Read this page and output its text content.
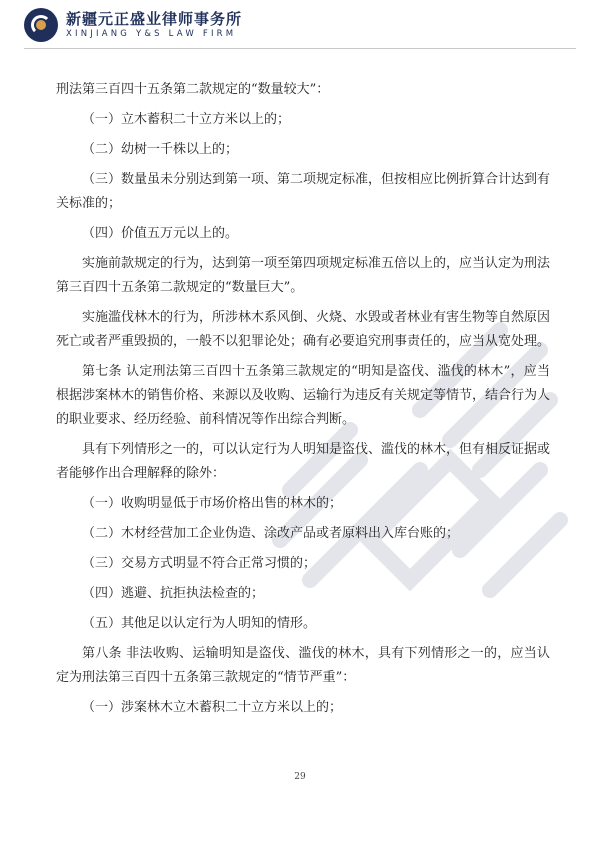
新疆元正盛业律师事务所
XINJIANG Y&S LAW FIRM

刑法第三百四十五条第二款规定的“数量较大”：

（一）立木蓄积二十立方米以上的；

（二）幼树一千株以上的；

（三）数量虽未分别达到第一项、第二项规定标准，但按相应比例折算合计达到有关标准的；

（四）价值五万元以上的。

实施前款规定的行为，达到第一项至第四项规定标准五倍以上的，应当认定为刑法第三百四十五条第二款规定的“数量巨大”。

实施滥伐林木的行为，所涉林木系风倒、火烧、水毁或者林业有害生物等自然原因死亡或者严重毁损的，一般不以犯罪论处；确有必要追究刑事责任的，应当从宽处理。

第七条 认定刑法第三百四十五条第三款规定的“明知是盗伐、滥伐的林木”，应当根据涉案林木的销售价格、来源以及收购、运输行为违反有关规定等情节，结合行为人的职业要求、经历经验、前科情况等作出综合判断。

具有下列情形之一的，可以认定行为人明知是盗伐、滥伐的林木，但有相反证据或者能够作出合理解释的除外：

（一）收购明显低于市场价格出售的林木的；

（二）木材经营加工企业伪造、涂改产品或者原料出入库台账的；

（三）交易方式明显不符合正常习惯的；

（四）逃避、抗拒执法检查的；

（五）其他足以认定行为人明知的情形。

第八条 非法收购、运输明知是盗伐、滥伐的林木，具有下列情形之一的，应当认定为刑法第三百四十五条第三款规定的“情节严重”：

（一）涉案林木立木蓄积二十立方米以上的；

29
